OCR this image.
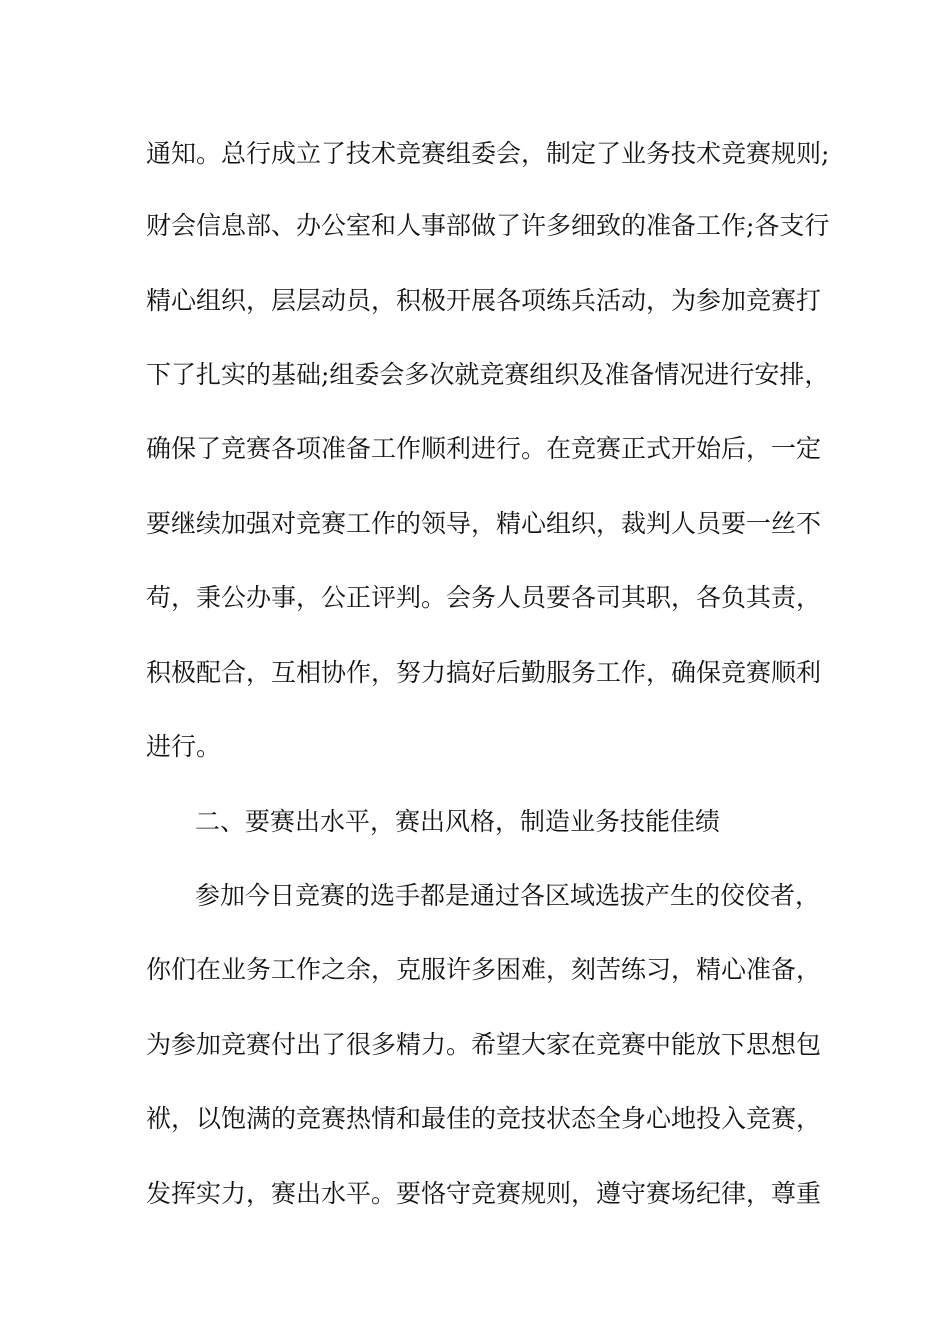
通知。总行成立了技术竞赛组委会，制定了业务技术竞赛规则;
财会信息部、办公室和人事部做了许多细致的准备工作;各支行
精心组织，层层动员，积极开展各项练兵活动，为参加竞赛打
下了扎实的基础;组委会多次就竞赛组织及准备情况进行安排，
确保了竞赛各项准备工作顺利进行。在竞赛正式开始后，一定
要继续加强对竞赛工作的领导，精心组织，裁判人员要一丝不
苟，秉公办事，公正评判。会务人员要各司其职，各负其责，
积极配合，互相协作，努力搞好后勤服务工作，确保竞赛顺利
进行。
二、要赛出水平，赛出风格，制造业务技能佳绩
参加今日竞赛的选手都是通过各区域选拔产生的佼佼者，
你们在业务工作之余，克服许多困难，刻苦练习，精心准备，
为参加竞赛付出了很多精力。希望大家在竞赛中能放下思想包
袱，以饱满的竞赛热情和最佳的竞技状态全身心地投入竞赛，
发挥实力，赛出水平。要恪守竞赛规则，遵守赛场纪律，尊重
